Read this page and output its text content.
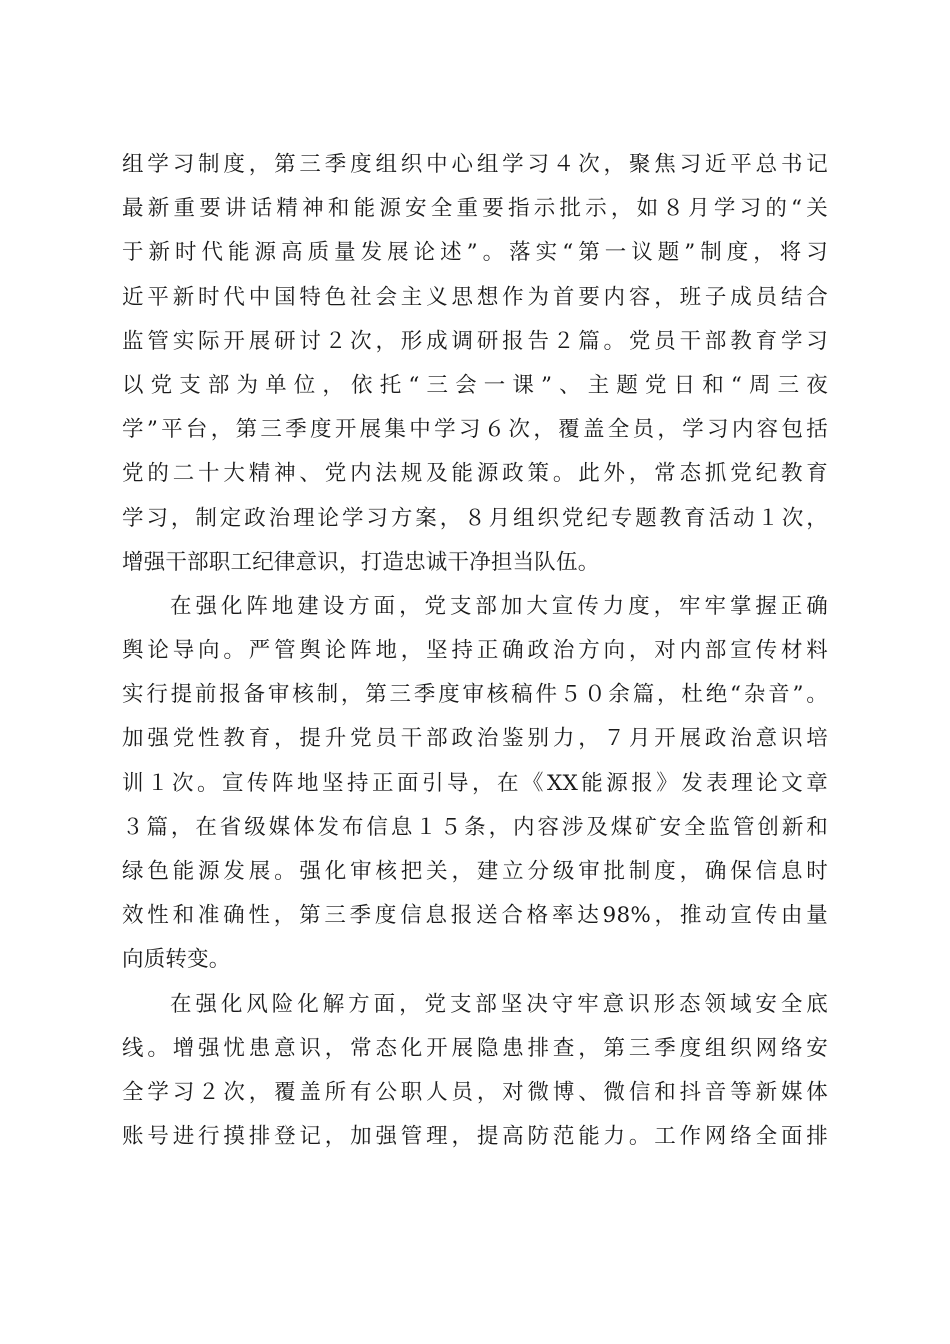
组学习制度，第三季度组织中心组学习４次，聚焦习近平总书记
最新重要讲话精神和能源安全重要指示批示，如８月学习的“关
于新时代能源高质量发展论述”。落实“第一议题”制度，将习
近平新时代中国特色社会主义思想作为首要内容，班子成员结合
监管实际开展研讨２次，形成调研报告２篇。党员干部教育学习
以党支部为单位，依托“三会一课”、主题党日和“周三夜
学”平台，第三季度开展集中学习６次，覆盖全员，学习内容包括
党的二十大精神、党内法规及能源政策。此外，常态抓党纪教育
学习，制定政治理论学习方案，８月组织党纪专题教育活动１次，
增强干部职工纪律意识，打造忠诚干净担当队伍。
在强化阵地建设方面，党支部加大宣传力度，牢牢掌握正确
舆论导向。严管舆论阵地，坚持正确政治方向，对内部宣传材料
实行提前报备审核制，第三季度审核稿件５０余篇，杜绝“杂音”。
加强党性教育，提升党员干部政治鉴别力，７月开展政治意识培
训１次。宣传阵地坚持正面引导，在《XX能源报》发表理论文章
３篇，在省级媒体发布信息１５条，内容涉及煤矿安全监管创新和
绿色能源发展。强化审核把关，建立分级审批制度，确保信息时
效性和准确性，第三季度信息报送合格率达98%，推动宣传由量
向质转变。
在强化风险化解方面，党支部坚决守牢意识形态领域安全底
线。增强忧患意识，常态化开展隐患排查，第三季度组织网络安
全学习２次，覆盖所有公职人员，对微博、微信和抖音等新媒体
账号进行摸排登记，加强管理，提高防范能力。工作网络全面排
